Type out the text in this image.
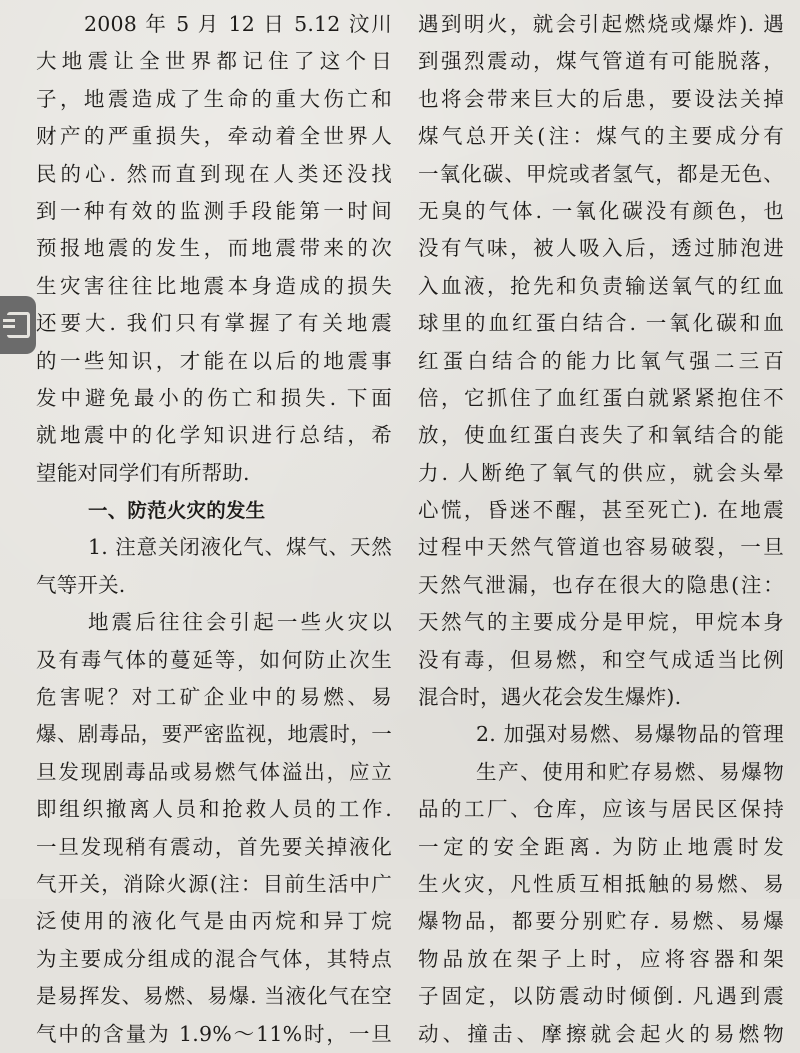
2008 年 5 月 12 日 5.12 汶川
大地震让全世界都记住了这个日
子，地震造成了生命的重大伤亡和
财产的严重损失，牵动着全世界人
民的心. 然而直到现在人类还没找
到一种有效的监测手段能第一时间
预报地震的发生，而地震带来的次
生灾害往往比地震本身造成的损失
还要大. 我们只有掌握了有关地震
的一些知识，才能在以后的地震事
发中避免最小的伤亡和损失. 下面
就地震中的化学知识进行总结，希
望能对同学们有所帮助.
一、防范火灾的发生
1. 注意关闭液化气、煤气、天然
气等开关.
地震后往往会引起一些火灾以
及有毒气体的蔓延等，如何防止次生
危害呢？对工矿企业中的易燃、易
爆、剧毒品，要严密监视，地震时，一
旦发现剧毒品或易燃气体溢出，应立
即组织撤离人员和抢救人员的工作.
一旦发现稍有震动，首先要关掉液化
气开关，消除火源(注：目前生活中广
泛使用的液化气是由丙烷和异丁烷
为主要成分组成的混合气体，其特点
是易挥发、易燃、易爆. 当液化气在空
气中的含量为 1.9%～11%时，一旦
遇到明火，就会引起燃烧或爆炸). 遇
到强烈震动，煤气管道有可能脱落，
也将会带来巨大的后患，要设法关掉
煤气总开关(注：煤气的主要成分有
一氧化碳、甲烷或者氢气，都是无色、
无臭的气体. 一氧化碳没有颜色，也
没有气味，被人吸入后，透过肺泡进
入血液，抢先和负责输送氧气的红血
球里的血红蛋白结合. 一氧化碳和血
红蛋白结合的能力比氧气强二三百
倍，它抓住了血红蛋白就紧紧抱住不
放，使血红蛋白丧失了和氧结合的能
力. 人断绝了氧气的供应，就会头晕
心慌，昏迷不醒，甚至死亡). 在地震
过程中天然气管道也容易破裂，一旦
天然气泄漏，也存在很大的隐患(注：
天然气的主要成分是甲烷，甲烷本身
没有毒，但易燃，和空气成适当比例
混合时，遇火花会发生爆炸).
2. 加强对易燃、易爆物品的管理
生产、使用和贮存易燃、易爆物
品的工厂、仓库，应该与居民区保持
一定的安全距离. 为防止地震时发
生火灾，凡性质互相抵触的易燃、易
爆物品，都要分别贮存. 易燃、易爆
物品放在架子上时，应将容器和架
子固定，以防震动时倾倒. 凡遇到震
动、撞击、摩擦就会起火的易燃物
